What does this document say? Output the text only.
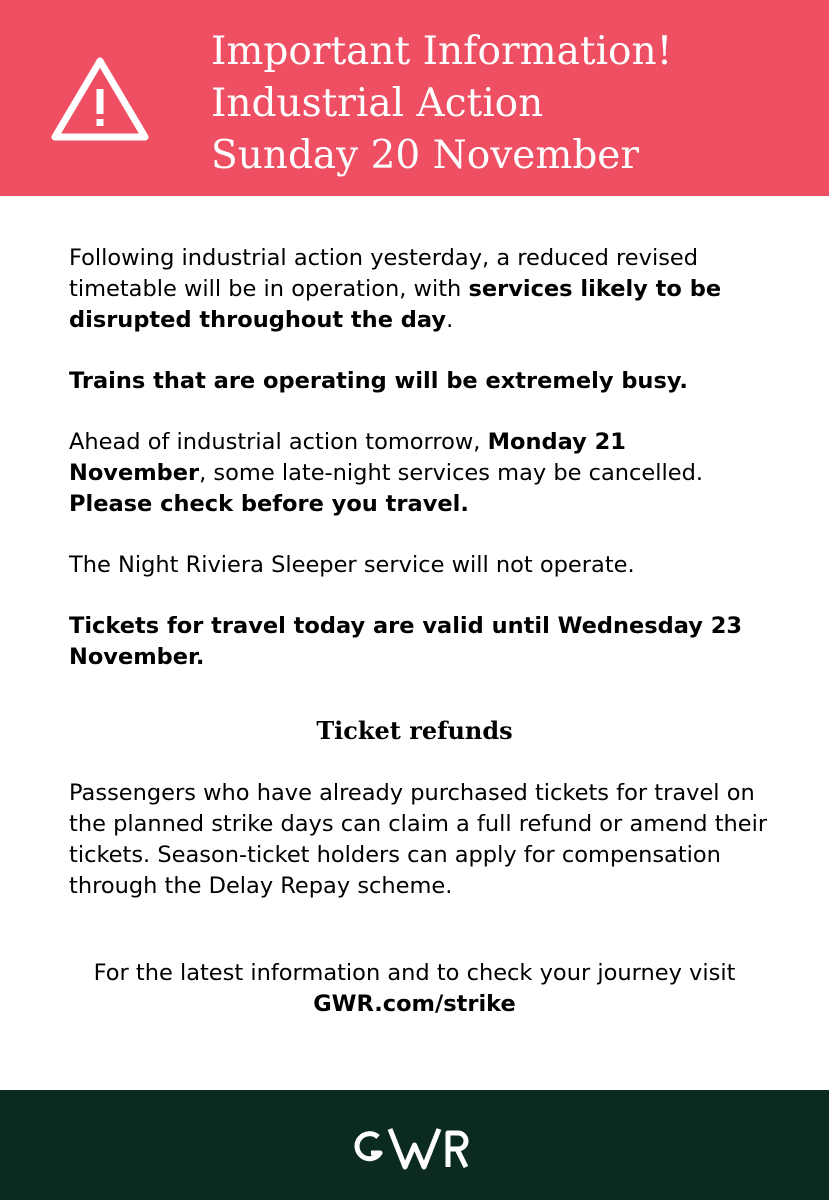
Important Information!
Industrial Action
Sunday 20 November

Following industrial action yesterday, a reduced revised timetable will be in operation, with services likely to be disrupted throughout the day.

Trains that are operating will be extremely busy.

Ahead of industrial action tomorrow, Monday 21 November, some late-night services may be cancelled. Please check before you travel.

The Night Riviera Sleeper service will not operate.

Tickets for travel today are valid until Wednesday 23 November.

Ticket refunds
Passengers who have already purchased tickets for travel on the planned strike days can claim a full refund or amend their tickets. Season-ticket holders can apply for compensation through the Delay Repay scheme.
For the latest information and to check your journey visit
GWR.com/strike
